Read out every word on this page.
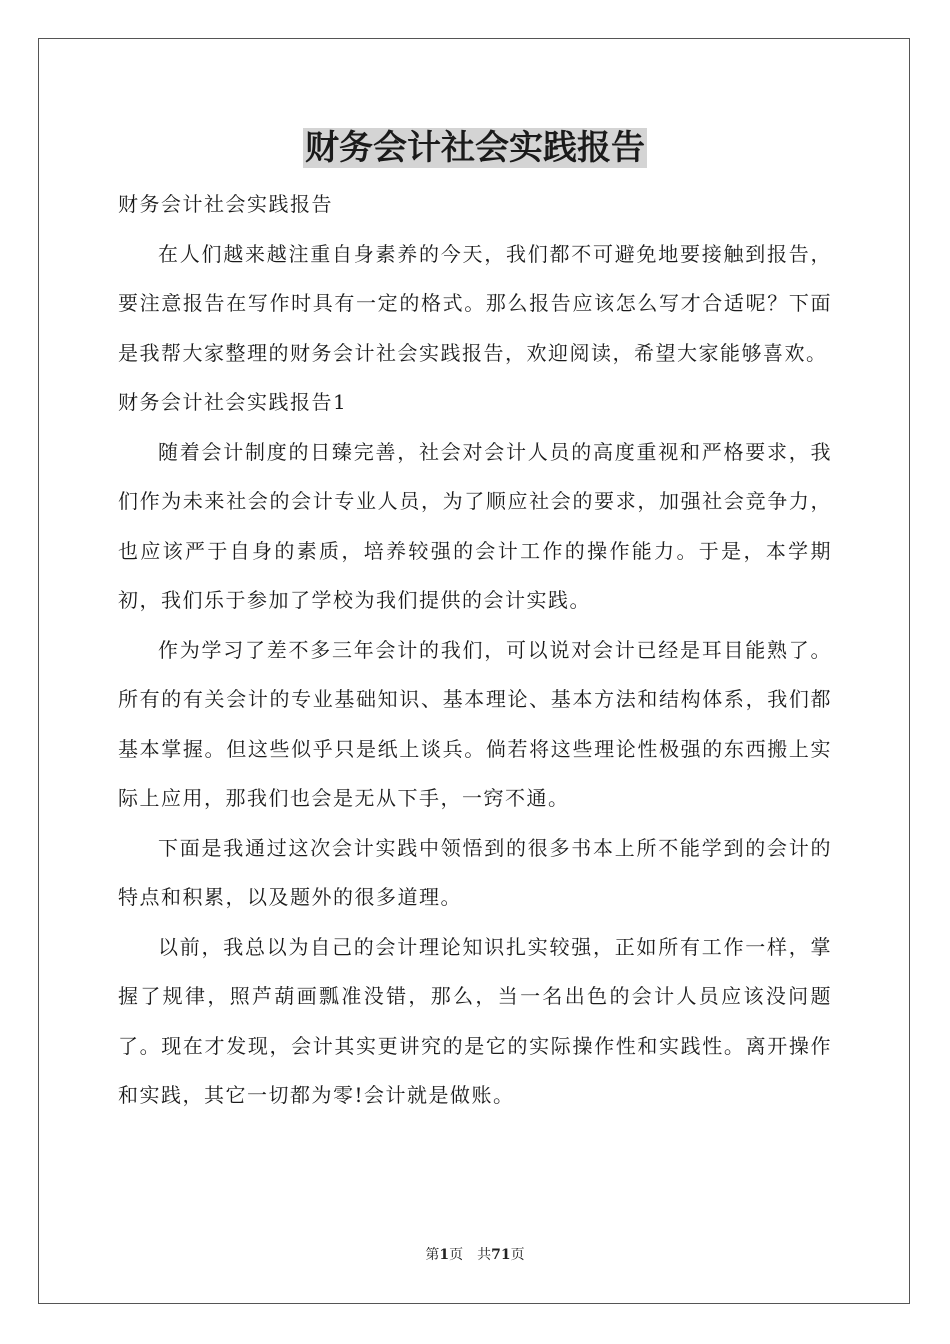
财务会计社会实践报告

财务会计社会实践报告

在人们越来越注重自身素养的今天，我们都不可避免地要接触到报告，要注意报告在写作时具有一定的格式。那么报告应该怎么写才合适呢？下面是我帮大家整理的财务会计社会实践报告，欢迎阅读，希望大家能够喜欢。

财务会计社会实践报告1

随着会计制度的日臻完善，社会对会计人员的高度重视和严格要求，我们作为未来社会的会计专业人员，为了顺应社会的要求，加强社会竞争力，也应该严于自身的素质，培养较强的会计工作的操作能力。于是，本学期初，我们乐于参加了学校为我们提供的会计实践。

作为学习了差不多三年会计的我们，可以说对会计已经是耳目能熟了。所有的有关会计的专业基础知识、基本理论、基本方法和结构体系，我们都基本掌握。但这些似乎只是纸上谈兵。倘若将这些理论性极强的东西搬上实际上应用，那我们也会是无从下手，一窍不通。

下面是我通过这次会计实践中领悟到的很多书本上所不能学到的会计的特点和积累，以及题外的很多道理。

以前，我总以为自己的会计理论知识扎实较强，正如所有工作一样，掌握了规律，照芦葫画瓢准没错，那么，当一名出色的会计人员应该没问题了。现在才发现，会计其实更讲究的是它的实际操作性和实践性。离开操作和实践，其它一切都为零!会计就是做账。

第1页 共71页
